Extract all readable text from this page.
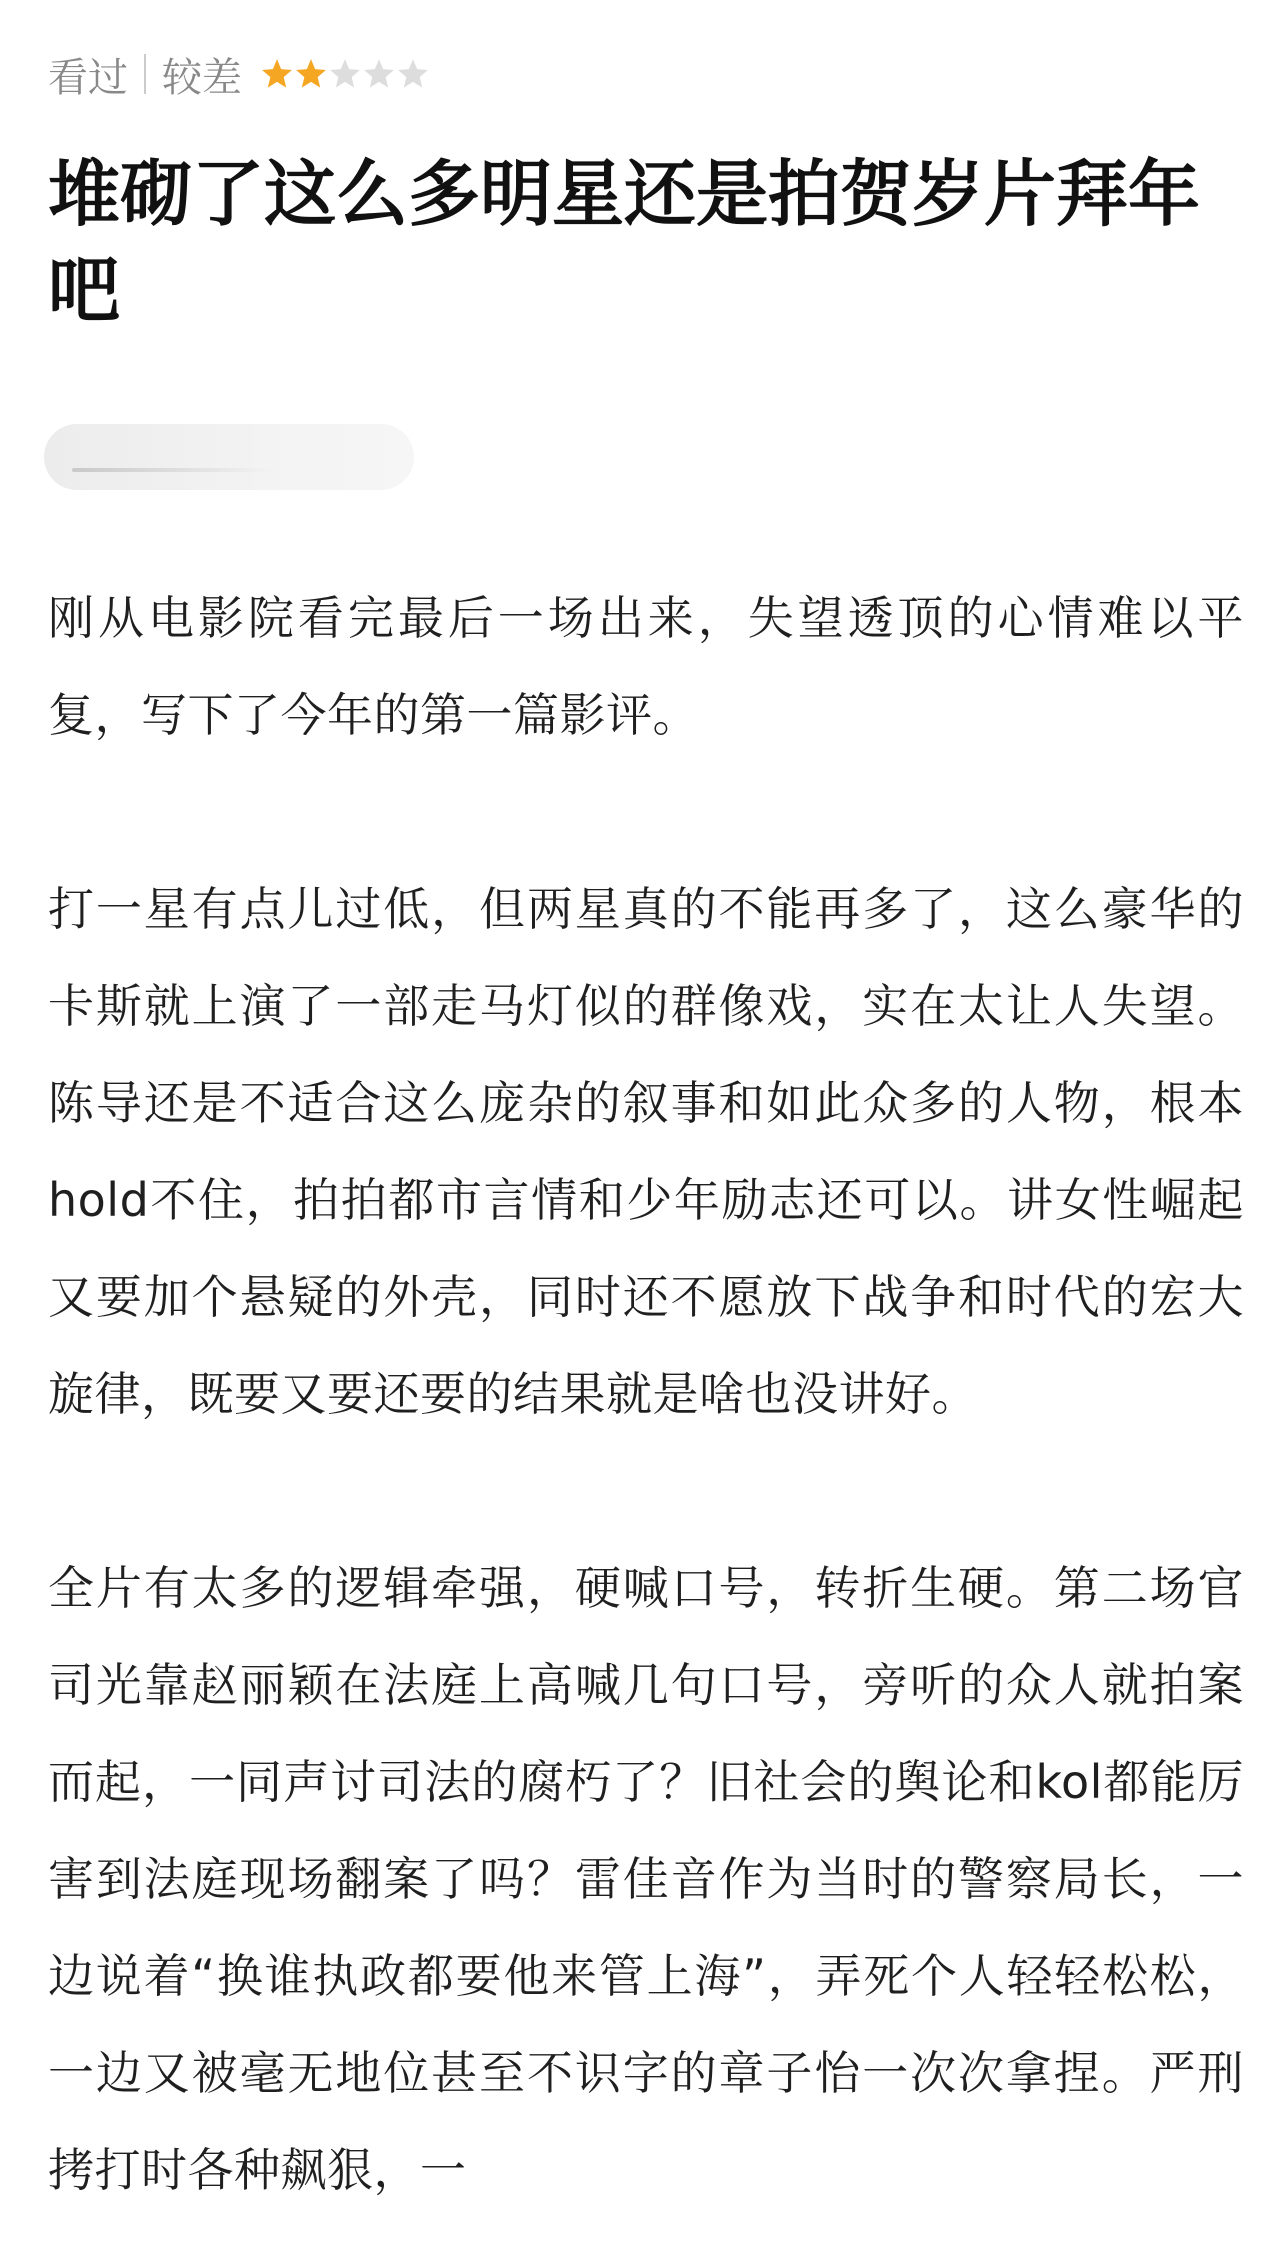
看过 较差
堆砌了这么多明星还是拍贺岁片拜年吧

刚从电影院看完最后一场出来，失望透顶的心情难以平复，写下了今年的第一篇影评。

打一星有点儿过低，但两星真的不能再多了，这么豪华的卡斯就上演了一部走马灯似的群像戏，实在太让人失望。陈导还是不适合这么庞杂的叙事和如此众多的人物，根本hold不住，拍拍都市言情和少年励志还可以。讲女性崛起又要加个悬疑的外壳，同时还不愿放下战争和时代的宏大旋律，既要又要还要的结果就是啥也没讲好。

全片有太多的逻辑牵强，硬喊口号，转折生硬。第二场官司光靠赵丽颖在法庭上高喊几句口号，旁听的众人就拍案而起，一同声讨司法的腐朽了？旧社会的舆论和kol都能厉害到法庭现场翻案了吗？雷佳音作为当时的警察局长，一边说着“换谁执政都要他来管上海”，弄死个人轻轻松松，一边又被毫无地位甚至不识字的章子怡一次次拿捏。严刑拷打时各种飙狠，一
